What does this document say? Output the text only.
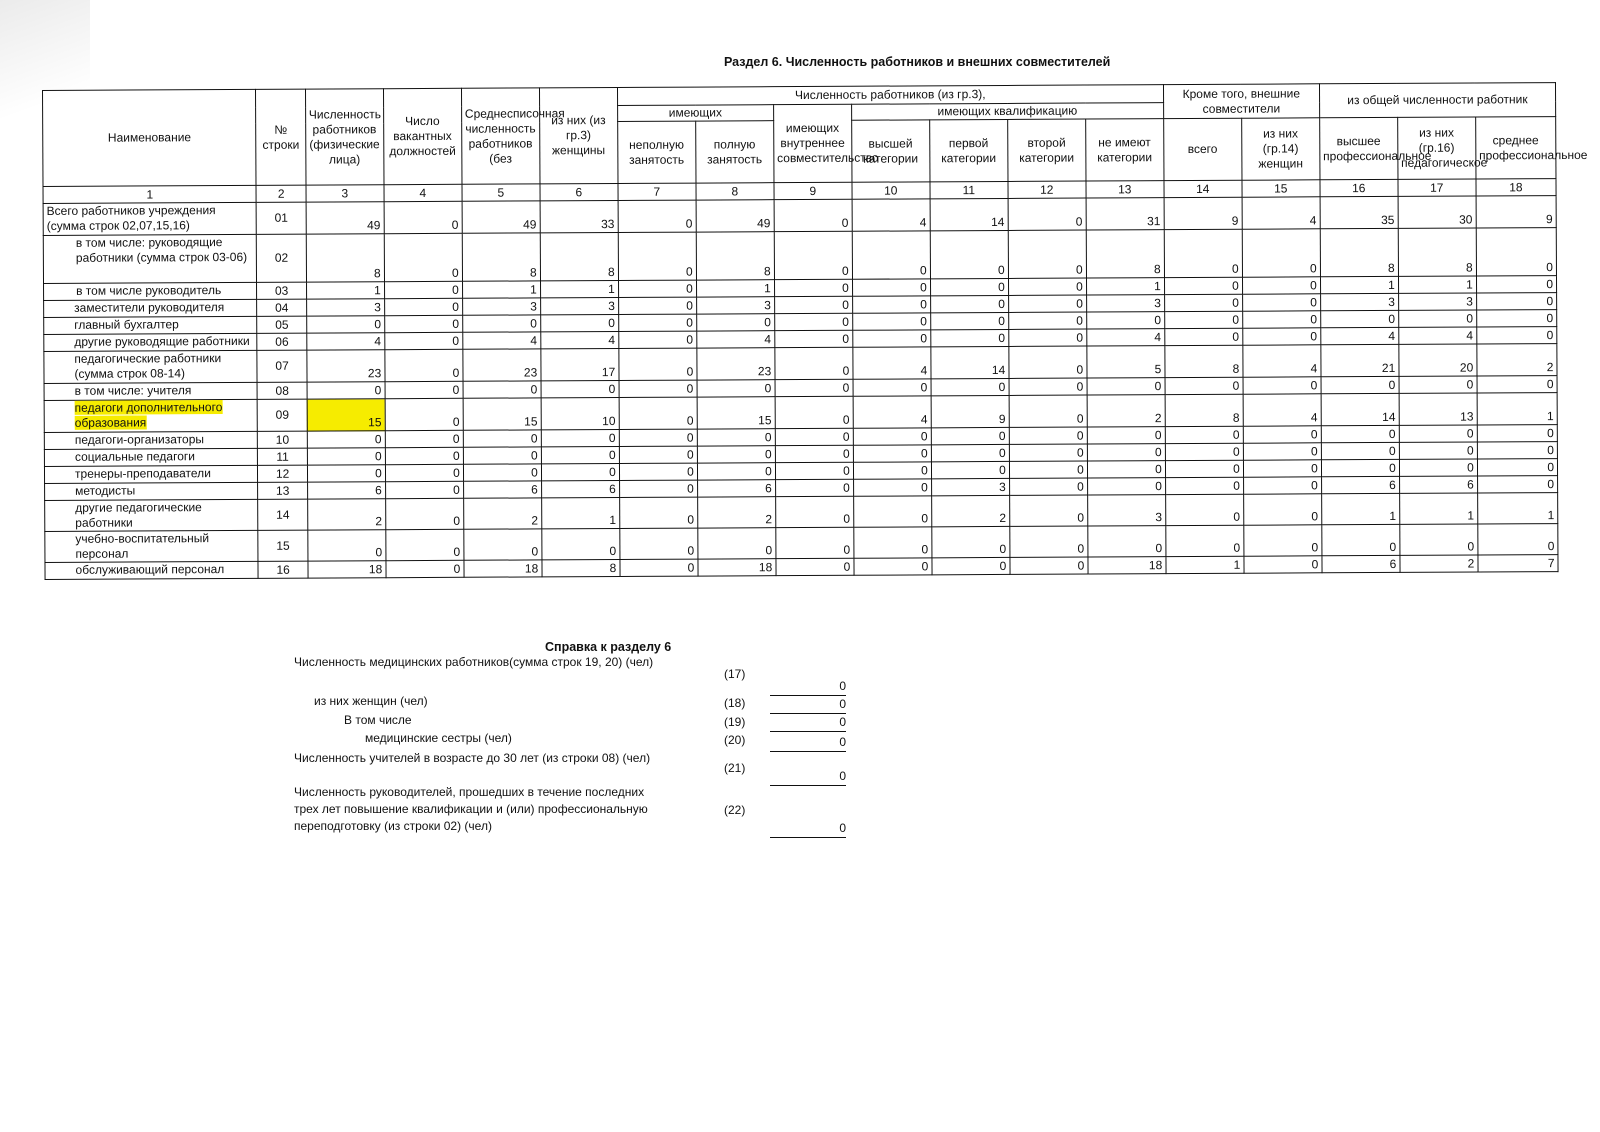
Раздел 6. Численность работников и внешних совместителей
Наименование	№ строки	Численность работников (физические лица)	Число вакантных должностей	Среднесписочная численность работников (без	из них (из гр.3) женщины	Численность работников (из гр.3),							Кроме того, внешние совместители		из общей численности работник		
						имеющих		имеющих внутреннее совместительство	имеющих квалификацию								
						неполную занятость	полную занятость		высшей категории	первой категории	второй категории	не имеют категории	всего	из них (гр.14) женщин	высшее профессиональное	из них (гр.16) педагогическое	среднее профессиональное
1	2	3	4	5	6	7	8	9	10	11	12	13	14	15	16	17	18
Всего работников учреждения (сумма строк 02,07,15,16)	01	49	0	49	33	0	49	0	4	14	0	31	9	4	35	30	9
в том числе: руководящие работники (сумма строк 03-06)	02	8	0	8	8	0	8	0	0	0	0	8	0	0	8	8	0
в том числе руководитель	03	1	0	1	1	0	1	0	0	0	0	1	0	0	1	1	0
заместители руководителя	04	3	0	3	3	0	3	0	0	0	0	3	0	0	3	3	0
главный бухгалтер	05	0	0	0	0	0	0	0	0	0	0	0	0	0	0	0	0
другие руководящие работники	06	4	0	4	4	0	4	0	0	0	0	4	0	0	4	4	0
педагогические работники (сумма строк 08-14)	07	23	0	23	17	0	23	0	4	14	0	5	8	4	21	20	2
в том числе: учителя	08	0	0	0	0	0	0	0	0	0	0	0	0	0	0	0	0
педагоги дополнительного образования	09	15	0	15	10	0	15	0	4	9	0	2	8	4	14	13	1
педагоги-организаторы	10	0	0	0	0	0	0	0	0	0	0	0	0	0	0	0	0
социальные педагоги	11	0	0	0	0	0	0	0	0	0	0	0	0	0	0	0	0
тренеры-преподаватели	12	0	0	0	0	0	0	0	0	0	0	0	0	0	0	0	0
методисты	13	6	0	6	6	0	6	0	0	3	0	0	0	0	6	6	0
другие педагогические работники	14	2	0	2	1	0	2	0	0	2	0	3	0	0	1	1	1
учебно-воспитательный персонал	15	0	0	0	0	0	0	0	0	0	0	0	0	0	0	0	0
обслуживающий персонал	16	18	0	18	8	0	18	0	0	0	0	18	1	0	6	2	7
Справка к разделу 6
Численность медицинских работников(сумма строк 19, 20) (чел)
(17)
0
из них женщин (чел)	(18)	0
В том числе	(19)	0
медицинские сестры (чел)	(20)	0
Численность учителей в возрасте до 30 лет (из строки 08) (чел)
(21)
0
Численность руководителей, прошедших в течение последних трех лет повышение квалификации и (или) профессиональную переподготовку (из строки 02) (чел)
(22)
0
